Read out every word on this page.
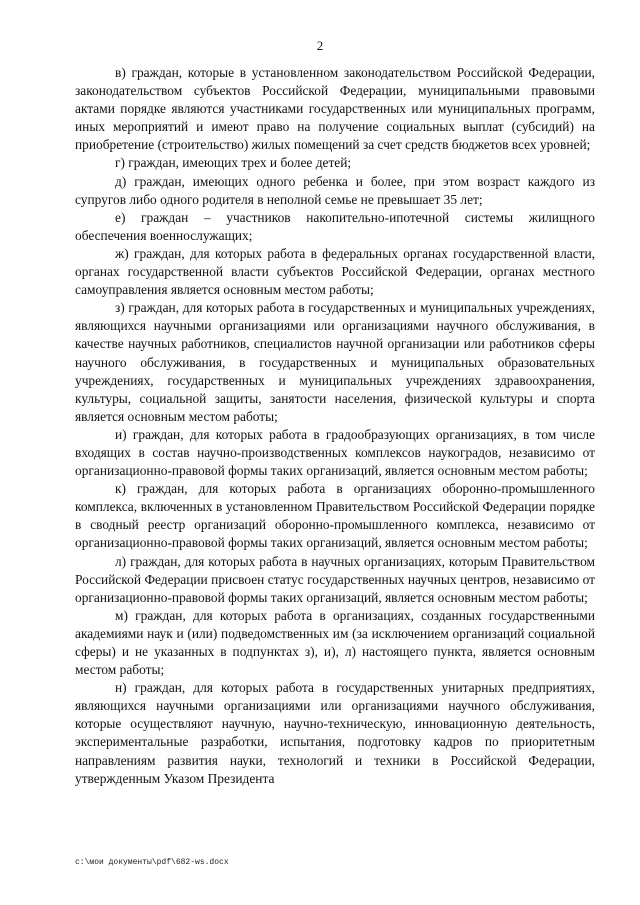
2

в) граждан, которые в установленном законодательством Российской Федерации, законодательством субъектов Российской Федерации, муниципальными правовыми актами порядке являются участниками государственных или муниципальных программ, иных мероприятий и имеют право на получение социальных выплат (субсидий) на приобретение (строительство) жилых помещений за счет средств бюджетов всех уровней;

г) граждан, имеющих трех и более детей;

д) граждан, имеющих одного ребенка и более, при этом возраст каждого из супругов либо одного родителя в неполной семье не превышает 35 лет;

е) граждан – участников накопительно-ипотечной системы жилищного обеспечения военнослужащих;

ж) граждан, для которых работа в федеральных органах государственной власти, органах государственной власти субъектов Российской Федерации, органах местного самоуправления является основным местом работы;

з) граждан, для которых работа в государственных и муниципальных учреждениях, являющихся научными организациями или организациями научного обслуживания, в качестве научных работников, специалистов научной организации или работников сферы научного обслуживания, в государственных и муниципальных образовательных учреждениях, государственных и муниципальных учреждениях здравоохранения, культуры, социальной защиты, занятости населения, физической культуры и спорта является основным местом работы;

и) граждан, для которых работа в градообразующих организациях, в том числе входящих в состав научно-производственных комплексов наукоградов, независимо от организационно-правовой формы таких организаций, является основным местом работы;

к) граждан, для которых работа в организациях оборонно-промышленного комплекса, включенных в установленном Правительством Российской Федерации порядке в сводный реестр организаций оборонно-промышленного комплекса, независимо от организационно-правовой формы таких организаций, является основным местом работы;

л) граждан, для которых работа в научных организациях, которым Правительством Российской Федерации присвоен статус государственных научных центров, независимо от организационно-правовой формы таких организаций, является основным местом работы;

м) граждан, для которых работа в организациях, созданных государственными академиями наук и (или) подведомственных им (за исключением организаций социальной сферы) и не указанных в подпунктах з), и), л) настоящего пункта, является основным местом работы;

н) граждан, для которых работа в государственных унитарных предприятиях, являющихся научными организациями или организациями научного обслуживания, которые осуществляют научную, научно-техническую, инновационную деятельность, экспериментальные разработки, испытания, подготовку кадров по приоритетным направлениям развития науки, технологий и техники в Российской Федерации, утвержденным Указом Президента

c:\мои документы\pdf\682-ws.docx
